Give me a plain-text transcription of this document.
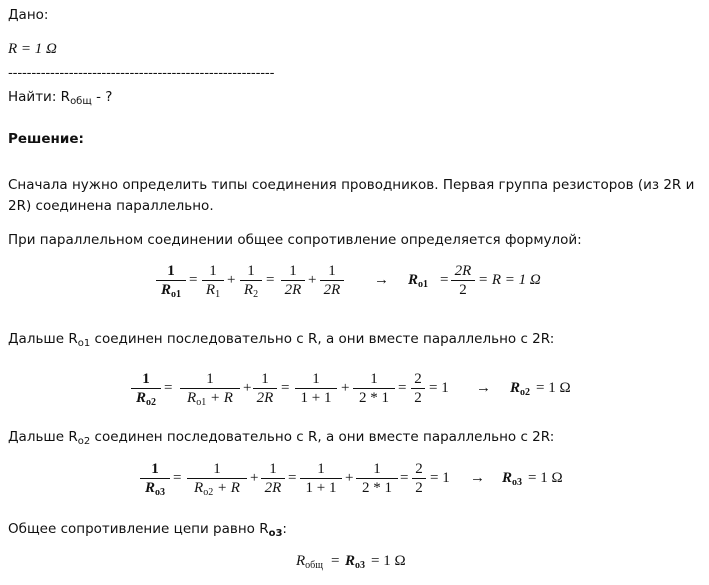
Дано:
R = 1 Ω
---------------------------------------------------------
Найти: $R_{общ}$ - ?
Решение:
Сначала нужно определить типы соединения проводников. Первая группа резисторов (из 2R и
2R) соединена параллельно.
При параллельном соединении общее сопротивление определяется формулой:
1
$R_{о1}$
=
1
$R_1$
+
1
$R_2$
=
1
2R
+
1
2R
→ $R_{о1}$ =
2R
2
= R = 1 Ω
Дальше $R_{о1}$ соединен последовательно с R, а они вместе параллельно с 2R:
1
$R_{о2}$
=
1
$R_{о1} + R$
+
1
2R
=
1
1 + 1
+
1
2 * 1
=
2
2
= $1 \to R_{о2} = 1$ Ω
Дальше $R_{о2}$ соединен последовательно с R, а они вместе параллельно с 2R:
1
$R_{о3}$
=
1
$R_{о2} + R$
+
1
2R
=
1
1 + 1
+
1
2 * 1
=
2
2
= $1 \to R_{о3} = 1$ Ω
Общее сопротивление цепи равно $R_{о3}$:
$R_{общ} = R_{о3} = 1$ Ω
